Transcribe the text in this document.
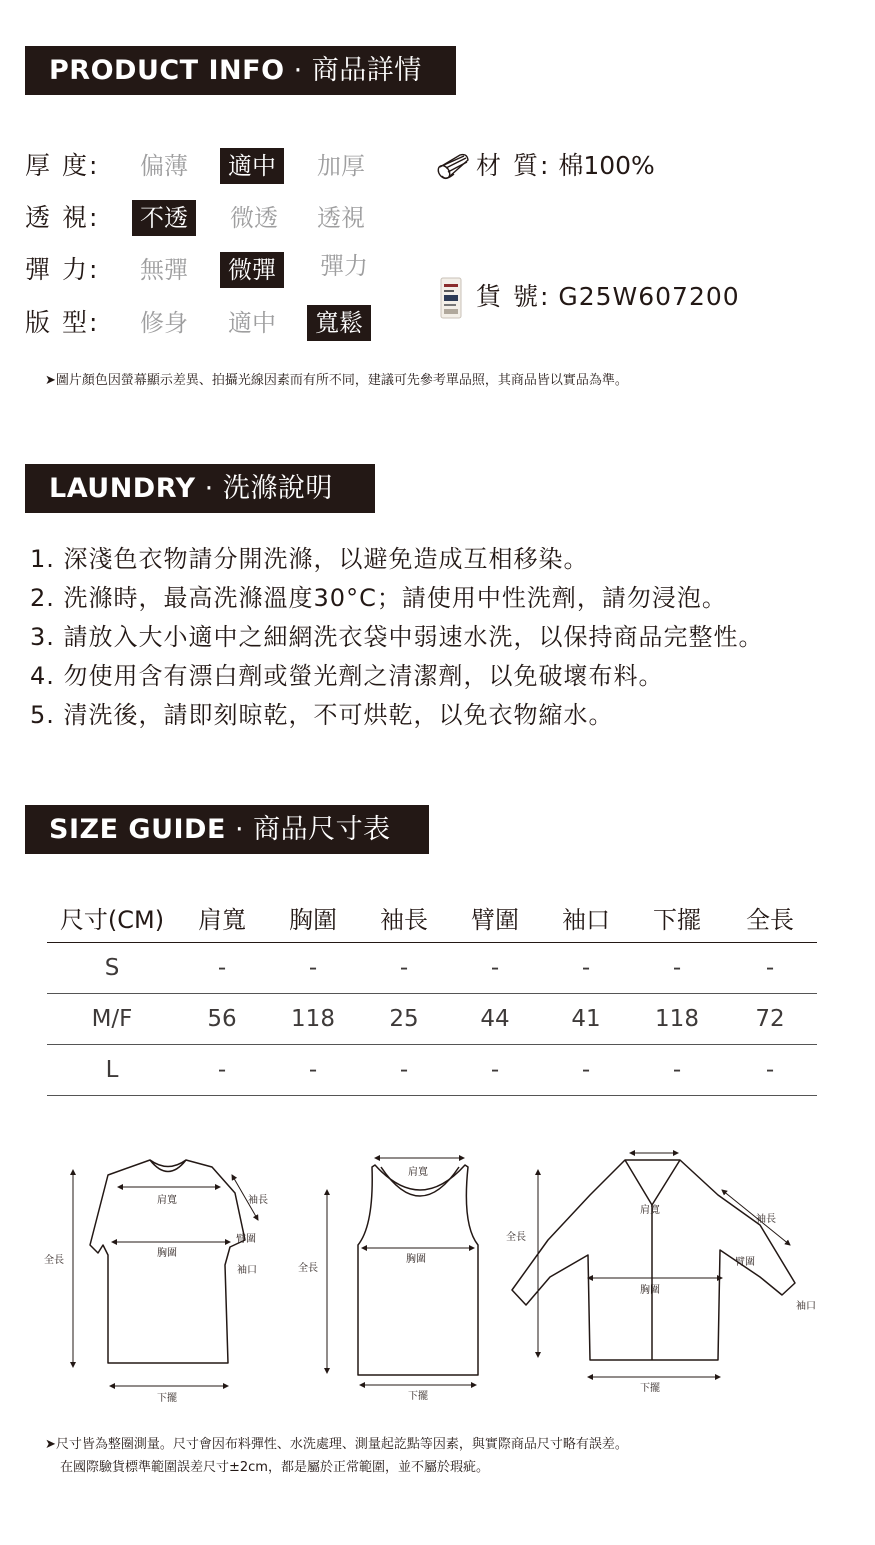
PRODUCT INFO · 商品詳情
厚 度:	偏薄	適中	加厚
透 視:	不透	微透	透視
彈 力:	無彈	微彈	彈力
版 型:	修身	適中	寬鬆
材 質: 棉100%
貨 號: G25W607200
➤圖片顏色因螢幕顯示差異、拍攝光線因素而有所不同，建議可先參考單品照，其商品皆以實品為準。
LAUNDRY · 洗滌說明
1. 深淺色衣物請分開洗滌，以避免造成互相移染。
2. 洗滌時，最高洗滌溫度30°C；請使用中性洗劑，請勿浸泡。
3. 請放入大小適中之細網洗衣袋中弱速水洗，以保持商品完整性。
4. 勿使用含有漂白劑或螢光劑之清潔劑，以免破壞布料。
5. 清洗後，請即刻晾乾，不可烘乾，以免衣物縮水。
SIZE GUIDE · 商品尺寸表
尺寸(CM)	肩寬	胸圍	袖長	臂圍	袖口	下擺	全長
S	-	-	-	-	-	-	-
M/F	56	118	25	44	41	118	72
L	-	-	-	-	-	-	-
肩寬
胸圍
袖長
臂圍
袖口
全長
下擺
肩寬
胸圍
全長
下擺
肩寬
胸圍
袖長
臂圍
袖口
全長
下擺
➤尺寸皆為整圈測量。尺寸會因布料彈性、水洗處理、測量起訖點等因素，與實際商品尺寸略有誤差。
在國際驗貨標準範圍誤差尺寸±2cm，都是屬於正常範圍，並不屬於瑕疵。
